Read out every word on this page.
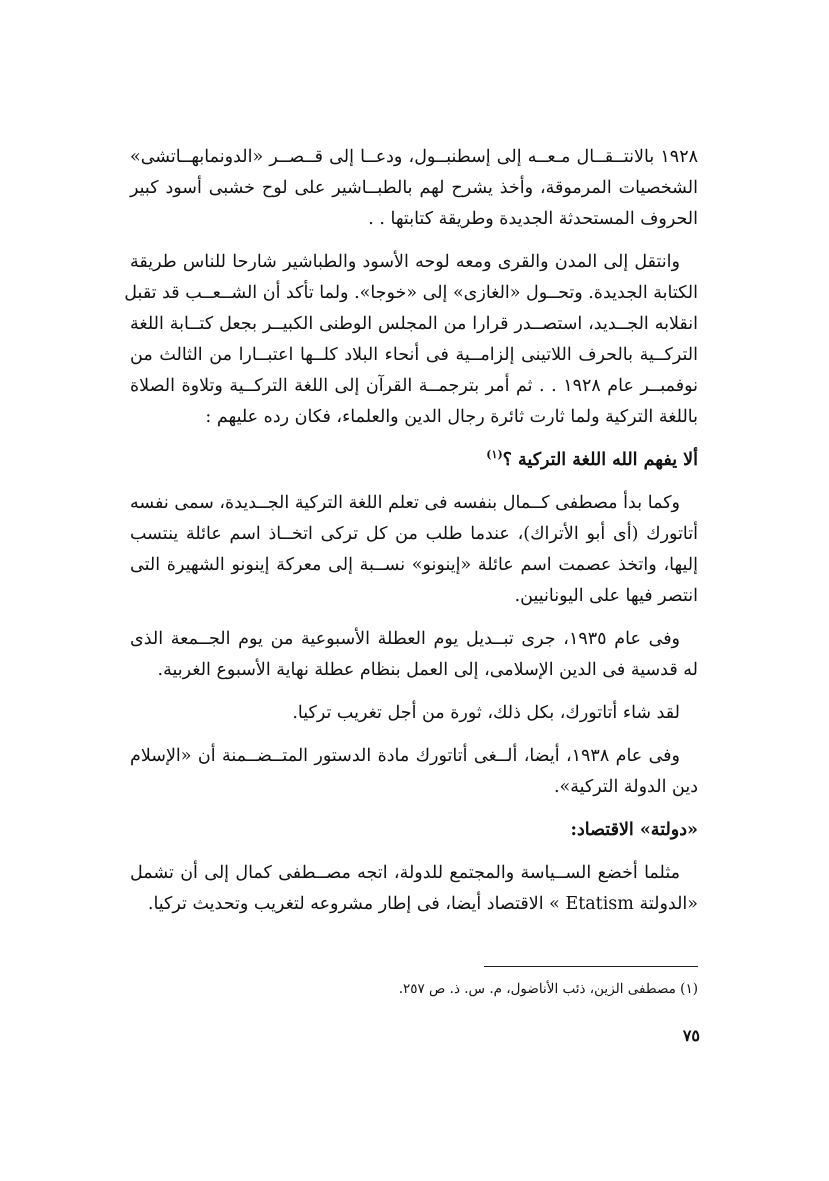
١٩٢٨ بالانتــقــال مـعــه إلى إسطنبــول، ودعــا إلى قــصــر «الدونمابهــاتشى»
الشخصيات المرموقة، وأخذ يشرح لهم بالطبــاشير على لوح خشبى أسود كبير
الحروف المستحدثة الجديدة وطريقة كتابتها . .
وانتقل إلى المدن والقرى ومعه لوحه الأسود والطباشير شارحا للناس طريقة
الكتابة الجديدة. وتحــول «الغازى» إلى «خوجا». ولما تأكد أن الشــعــب قد تقبل
انقلابه الجــديد، استصــدر قرارا من المجلس الوطنى الكبيــر بجعل كتــابة اللغة
التركــية بالحرف اللاتينى إلزامــية فى أنحاء البلاد كلــها اعتبــارا من الثالث من
نوفمبــر عام ١٩٢٨ . . ثم أمر بترجمــة القرآن إلى اللغة التركــية وتلاوة الصلاة
باللغة التركية ولما ثارت ثائرة رجال الدين والعلماء، فكان رده عليهم :
ألا يفهم الله اللغة التركية ؟$^{(١)}$
وكما بدأ مصطفى كــمال بنفسه فى تعلم اللغة التركية الجــديدة، سمى نفسه
أتاتورك (أى أبو الأتراك)، عندما طلب من كل تركى اتخــاذ اسم عائلة ينتسب
إليها، واتخذ عصمت اسم عائلة «إينونو» نســبة إلى معركة إينونو الشهيرة التى
انتصر فيها على اليونانيين.
وفى عام ١٩٣٥، جرى تبــديل يوم العطلة الأسبوعية من يوم الجــمعة الذى
له قدسية فى الدين الإسلامى، إلى العمل بنظام عطلة نهاية الأسبوع الغربية.
لقد شاء أتاتورك، بكل ذلك، ثورة من أجل تغريب تركيا.
وفى عام ١٩٣٨، أيضا، ألــغى أتاتورك مادة الدستور المتــضــمنة أن «الإسلام
دين الدولة التركية».
«دولتة» الاقتصاد:
مثلما أخضع الســياسة والمجتمع للدولة، اتجه مصــطفى كمال إلى أن تشمل
«الدولتة Etatism » الاقتصاد أيضا، فى إطار مشروعه لتغريب وتحديث تركيا.
(١) مصطفى الزين، ذئب الأناضول، م. س. ذ. ص ٢٥٧.
٧٥
